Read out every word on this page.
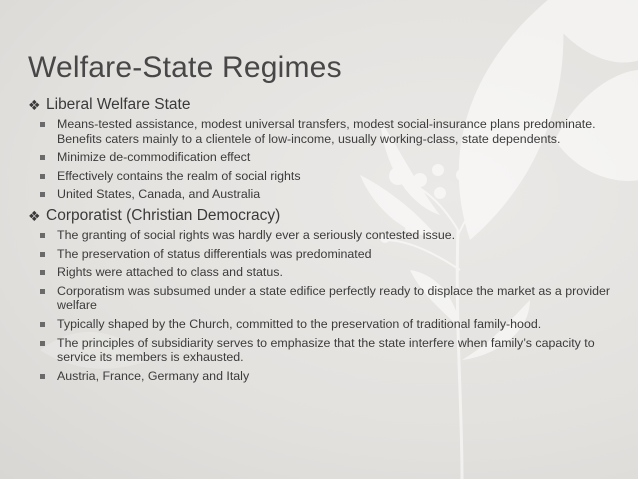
Welfare-State Regimes
❖ Liberal Welfare State
Means-tested assistance, modest universal transfers, modest social-insurance plans predominate. Benefits caters mainly to a clientele of low-income, usually working-class, state dependents.
Minimize de-commodification effect
Effectively contains the realm of social rights
United States, Canada, and Australia
❖ Corporatist (Christian Democracy)
The granting of social rights was hardly ever a seriously contested issue.
The preservation of status differentials was predominated
Rights were attached to class and status.
Corporatism was subsumed under a state edifice perfectly ready to displace the market as a provider welfare
Typically shaped by the Church, committed to the preservation of traditional family-hood.
The principles of subsidiarity serves to emphasize that the state interfere when family’s capacity to service its members is exhausted.
Austria, France, Germany and Italy
